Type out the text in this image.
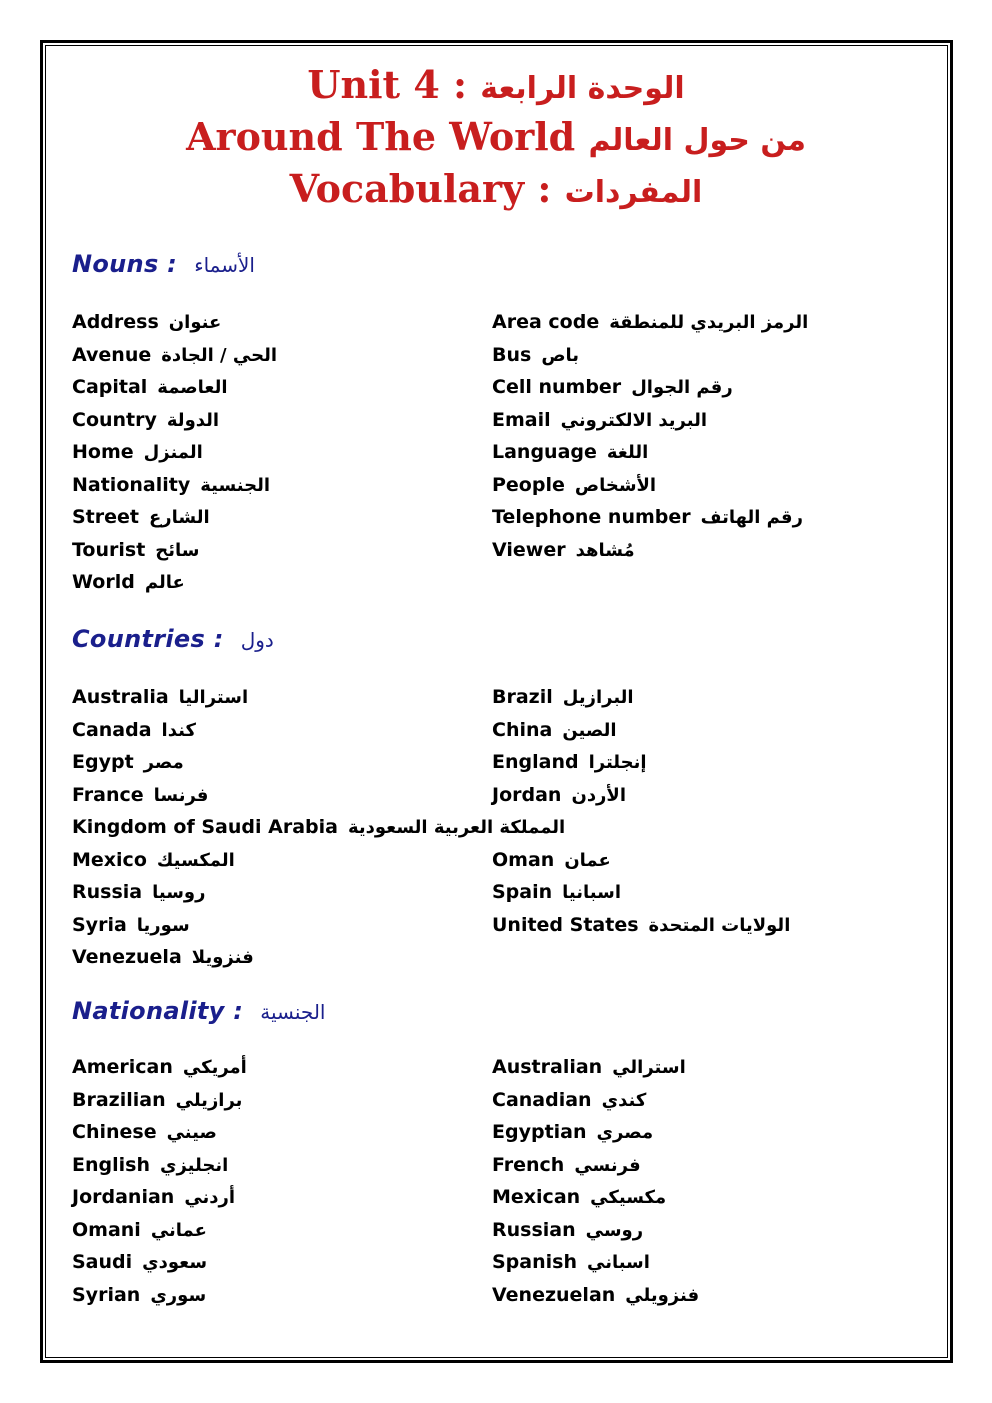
Unit 4 : الوحدة الرابعة
Around The World من حول العالم
Vocabulary : المفردات
Nouns : الأسماء
Countries : دول
Nationality : الجنسية
Address عنوان
Avenue الحي / الجادة
Capital العاصمة
Country الدولة
Home المنزل
Nationality الجنسية
Street الشارع
Tourist سائح
World عالم
Area code الرمز البريدي للمنطقة
Bus باص
Cell number رقم الجوال
Email البريد الالكتروني
Language اللغة
People الأشخاص
Telephone number رقم الهاتف
Viewer مُشاهد
Australia استراليا
Canada كندا
Egypt مصر
France فرنسا
Kingdom of Saudi Arabia المملكة العربية السعودية
Mexico المكسيك
Russia روسيا
Syria سوريا
Venezuela فنزويلا
Brazil البرازيل
China الصين
England إنجلترا
Jordan الأردن
Oman عمان
Spain اسبانيا
United States الولايات المتحدة
American أمريكي
Brazilian برازيلي
Chinese صيني
English انجليزي
Jordanian أردني
Omani عماني
Saudi سعودي
Syrian سوري
Australian استرالي
Canadian كندي
Egyptian مصري
French فرنسي
Mexican مكسيكي
Russian روسي
Spanish اسباني
Venezuelan فنزويلي
